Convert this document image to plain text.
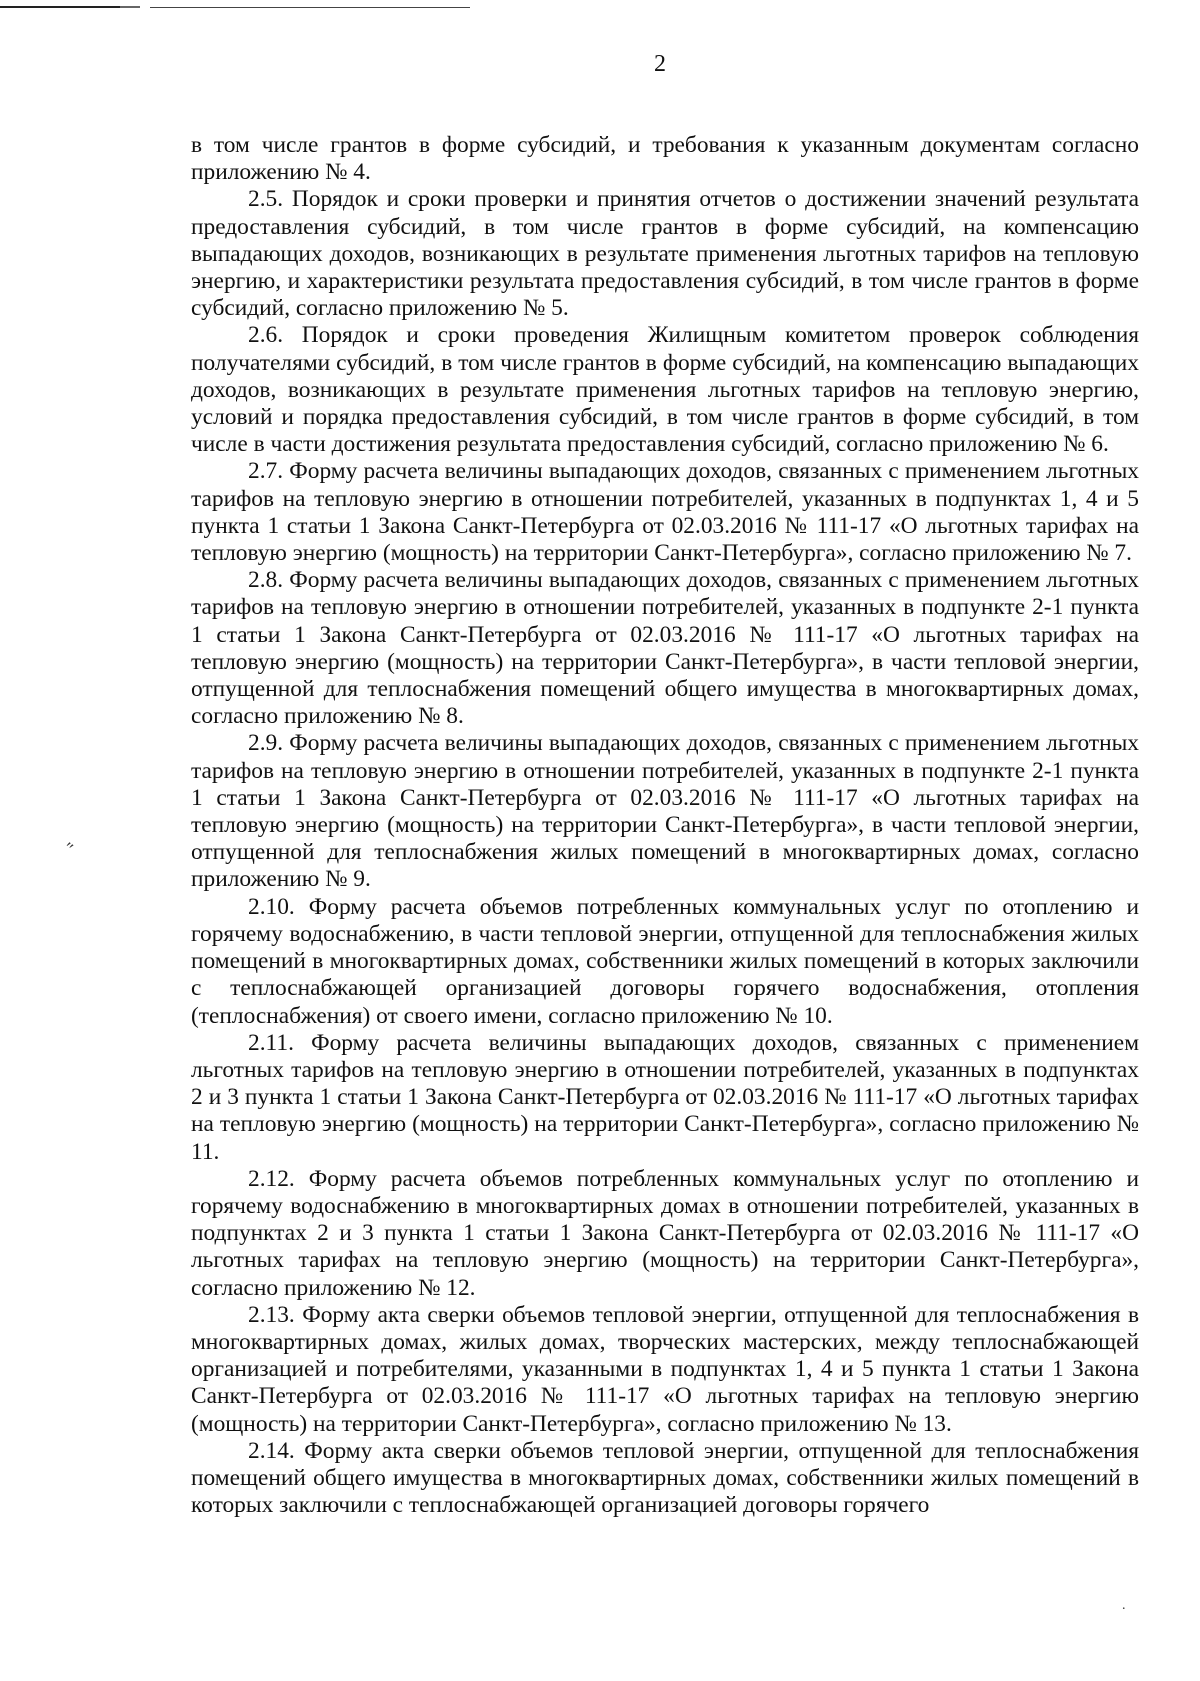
2

в том числе грантов в форме субсидий, и требования к указанным документам согласно приложению № 4.

2.5. Порядок и сроки проверки и принятия отчетов о достижении значений результата предоставления субсидий, в том числе грантов в форме субсидий, на компенсацию выпадающих доходов, возникающих в результате применения льготных тарифов на тепловую энергию, и характеристики результата предоставления субсидий, в том числе грантов в форме субсидий, согласно приложению № 5.

2.6. Порядок и сроки проведения Жилищным комитетом проверок соблюдения получателями субсидий, в том числе грантов в форме субсидий, на компенсацию выпадающих доходов, возникающих в результате применения льготных тарифов на тепловую энергию, условий и порядка предоставления субсидий, в том числе грантов в форме субсидий, в том числе в части достижения результата предоставления субсидий, согласно приложению № 6.

2.7. Форму расчета величины выпадающих доходов, связанных с применением льготных тарифов на тепловую энергию в отношении потребителей, указанных в подпунктах 1, 4 и 5 пункта 1 статьи 1 Закона Санкт-Петербурга от 02.03.2016 № 111-17 «О льготных тарифах на тепловую энергию (мощность) на территории Санкт-Петербурга», согласно приложению № 7.

2.8. Форму расчета величины выпадающих доходов, связанных с применением льготных тарифов на тепловую энергию в отношении потребителей, указанных в подпункте 2-1 пункта 1 статьи 1 Закона Санкт-Петербурга от 02.03.2016 № 111-17 «О льготных тарифах на тепловую энергию (мощность) на территории Санкт-Петербурга», в части тепловой энергии, отпущенной для теплоснабжения помещений общего имущества в многоквартирных домах, согласно приложению № 8.

2.9. Форму расчета величины выпадающих доходов, связанных с применением льготных тарифов на тепловую энергию в отношении потребителей, указанных в подпункте 2-1 пункта 1 статьи 1 Закона Санкт-Петербурга от 02.03.2016 № 111-17 «О льготных тарифах на тепловую энергию (мощность) на территории Санкт-Петербурга», в части тепловой энергии, отпущенной для теплоснабжения жилых помещений в многоквартирных домах, согласно приложению № 9.

2.10. Форму расчета объемов потребленных коммунальных услуг по отоплению и горячему водоснабжению, в части тепловой энергии, отпущенной для теплоснабжения жилых помещений в многоквартирных домах, собственники жилых помещений в которых заключили с теплоснабжающей организацией договоры горячего водоснабжения, отопления (теплоснабжения) от своего имени, согласно приложению № 10.

2.11. Форму расчета величины выпадающих доходов, связанных с применением льготных тарифов на тепловую энергию в отношении потребителей, указанных в подпунктах 2 и 3 пункта 1 статьи 1 Закона Санкт-Петербурга от 02.03.2016 № 111-17 «О льготных тарифах на тепловую энергию (мощность) на территории Санкт-Петербурга», согласно приложению № 11.

2.12. Форму расчета объемов потребленных коммунальных услуг по отоплению и горячему водоснабжению в многоквартирных домах в отношении потребителей, указанных в подпунктах 2 и 3 пункта 1 статьи 1 Закона Санкт-Петербурга от 02.03.2016 № 111-17 «О льготных тарифах на тепловую энергию (мощность) на территории Санкт-Петербурга», согласно приложению № 12.

2.13. Форму акта сверки объемов тепловой энергии, отпущенной для теплоснабжения в многоквартирных домах, жилых домах, творческих мастерских, между теплоснабжающей организацией и потребителями, указанными в подпунктах 1, 4 и 5 пункта 1 статьи 1 Закона Санкт-Петербурга от 02.03.2016 № 111-17 «О льготных тарифах на тепловую энергию (мощность) на территории Санкт-Петербурга», согласно приложению № 13.

2.14. Форму акта сверки объемов тепловой энергии, отпущенной для теплоснабжения помещений общего имущества в многоквартирных домах, собственники жилых помещений в которых заключили с теплоснабжающей организацией договоры горячего

ʺ
.
